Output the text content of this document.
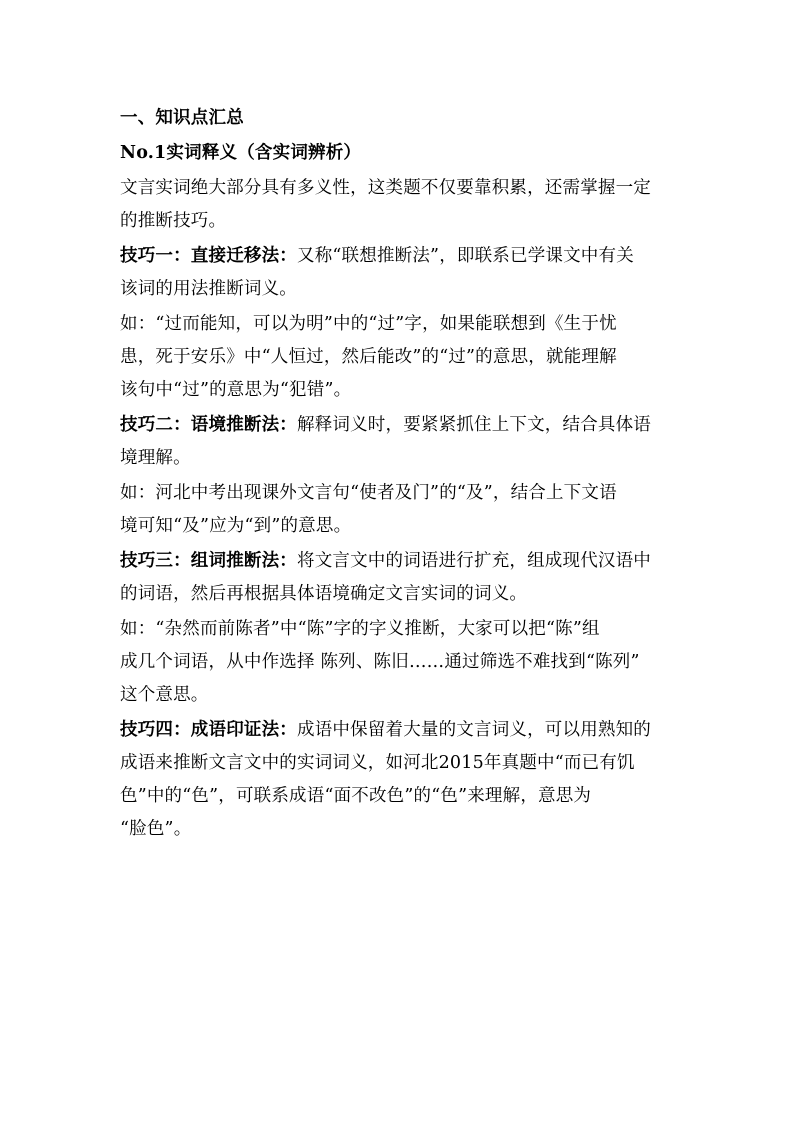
一、知识点汇总
No.1实词释义（含实词辨析）
文言实词绝大部分具有多义性，这类题不仅要靠积累，还需掌握一定
的推断技巧。
技巧一：直接迁移法：又称“联想推断法”，即联系已学课文中有关
该词的用法推断词义。
如：“过而能知，可以为明”中的“过”字，如果能联想到《生于忧
患，死于安乐》中“人恒过，然后能改”的“过”的意思，就能理解
该句中“过”的意思为“犯错”。
技巧二：语境推断法：解释词义时，要紧紧抓住上下文，结合具体语
境理解。
如：河北中考出现课外文言句“使者及门”的“及”，结合上下文语
境可知“及”应为“到”的意思。
技巧三：组词推断法：将文言文中的词语进行扩充，组成现代汉语中
的词语，然后再根据具体语境确定文言实词的词义。
如：“杂然而前陈者”中“陈”字的字义推断，大家可以把“陈”组
成几个词语，从中作选择 陈列、陈旧……通过筛选不难找到“陈列”
这个意思。
技巧四：成语印证法：成语中保留着大量的文言词义，可以用熟知的
成语来推断文言文中的实词词义，如河北2015年真题中“而已有饥
色”中的“色”，可联系成语“面不改色”的“色”来理解，意思为
“脸色”。
